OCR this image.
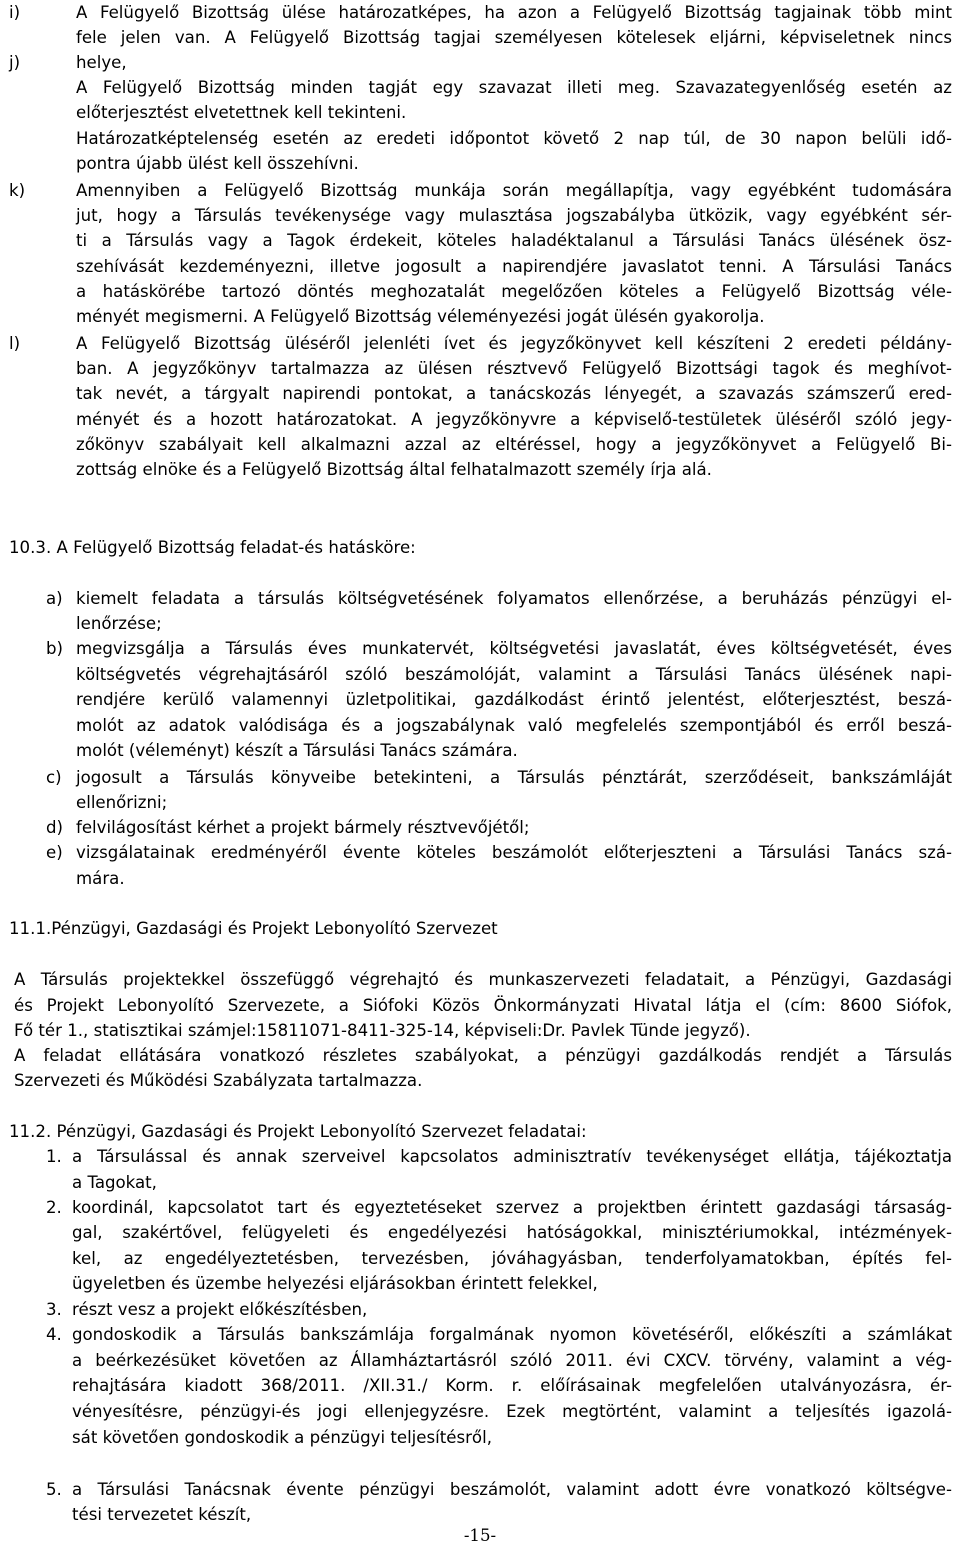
i)
j)
k)
l)
a)
b)
c)
d)
e)
1.
2.
3.
4.
5.
A Felügyelő Bizottság ülése határozatképes, ha azon a Felügyelő Bizottság tagjainak több mint
fele jelen van. A Felügyelő Bizottság tagjai személyesen kötelesek eljárni, képviseletnek nincs
helye,
A Felügyelő Bizottság minden tagját egy szavazat illeti meg. Szavazategyenlőség esetén az
előterjesztést elvetettnek kell tekinteni.
Határozatképtelenség esetén az eredeti időpontot követő 2 nap túl, de 30 napon belüli idő-
pontra újabb ülést kell összehívni.
Amennyiben a Felügyelő Bizottság munkája során megállapítja, vagy egyébként tudomására
jut, hogy a Társulás tevékenysége vagy mulasztása jogszabályba ütközik, vagy egyébként sér-
ti a Társulás vagy a Tagok érdekeit, köteles haladéktalanul a Társulási Tanács ülésének ösz-
szehívását kezdeményezni, illetve jogosult a napirendjére javaslatot tenni. A Társulási Tanács
a hatáskörébe tartozó döntés meghozatalát megelőzően köteles a Felügyelő Bizottság véle-
ményét megismerni. A Felügyelő Bizottság véleményezési jogát ülésén gyakorolja.
A Felügyelő Bizottság üléséről jelenléti ívet és jegyzőkönyvet kell készíteni 2 eredeti példány-
ban. A jegyzőkönyv tartalmazza az ülésen résztvevő Felügyelő Bizottsági tagok és meghívot-
tak nevét, a tárgyalt napirendi pontokat, a tanácskozás lényegét, a szavazás számszerű ered-
ményét és a hozott határozatokat. A jegyzőkönyvre a képviselő-testületek üléséről szóló jegy-
zőkönyv szabályait kell alkalmazni azzal az eltéréssel, hogy a jegyzőkönyvet a Felügyelő Bi-
zottság elnöke és a Felügyelő Bizottság által felhatalmazott személy írja alá.
10.3. A Felügyelő Bizottság feladat-és hatásköre:
kiemelt feladata a társulás költségvetésének folyamatos ellenőrzése, a beruházás pénzügyi el-
lenőrzése;
megvizsgálja a Társulás éves munkatervét, költségvetési javaslatát, éves költségvetését, éves
költségvetés végrehajtásáról szóló beszámolóját, valamint a Társulási Tanács ülésének napi-
rendjére kerülő valamennyi üzletpolitikai, gazdálkodást érintő jelentést, előterjesztést, beszá-
molót az adatok valódisága és a jogszabálynak való megfelelés szempontjából és erről beszá-
molót (véleményt) készít a Társulási Tanács számára.
jogosult a Társulás könyveibe betekinteni, a Társulás pénztárát, szerződéseit, bankszámláját
ellenőrizni;
felvilágosítást kérhet a projekt bármely résztvevőjétől;
vizsgálatainak eredményéről évente köteles beszámolót előterjeszteni a Társulási Tanács szá-
mára.
11.1.Pénzügyi, Gazdasági és Projekt Lebonyolító Szervezet
A Társulás projektekkel összefüggő végrehajtó és munkaszervezeti feladatait, a Pénzügyi, Gazdasági
és Projekt Lebonyolító Szervezete, a Siófoki Közös Önkormányzati Hivatal látja el (cím: 8600 Siófok,
Fő tér 1., statisztikai számjel:15811071-8411-325-14, képviseli:Dr. Pavlek Tünde jegyző).
A feladat ellátására vonatkozó részletes szabályokat, a pénzügyi gazdálkodás rendjét a Társulás
Szervezeti és Működési Szabályzata tartalmazza.
11.2. Pénzügyi, Gazdasági és Projekt Lebonyolító Szervezet feladatai:
a Társulással és annak szerveivel kapcsolatos adminisztratív tevékenységet ellátja, tájékoztatja
a Tagokat,
koordinál, kapcsolatot tart és egyeztetéseket szervez a projektben érintett gazdasági társaság-
gal, szakértővel, felügyeleti és engedélyezési hatóságokkal, minisztériumokkal, intézmények-
kel, az engedélyeztetésben, tervezésben, jóváhagyásban, tenderfolyamatokban, építés fel-
ügyeletben és üzembe helyezési eljárásokban érintett felekkel,
részt vesz a projekt előkészítésben,
gondoskodik a Társulás bankszámlája forgalmának nyomon követéséről, előkészíti a számlákat
a beérkezésüket követően az Államháztartásról szóló 2011. évi CXCV. törvény, valamint a vég-
rehajtására kiadott 368/2011. /XII.31./ Korm. r. előírásainak megfelelően utalványozásra, ér-
vényesítésre, pénzügyi-és jogi ellenjegyzésre. Ezek megtörtént, valamint a teljesítés igazolá-
sát követően gondoskodik a pénzügyi teljesítésről,
a Társulási Tanácsnak évente pénzügyi beszámolót, valamint adott évre vonatkozó költségve-
tési tervezetet készít,
-15-
